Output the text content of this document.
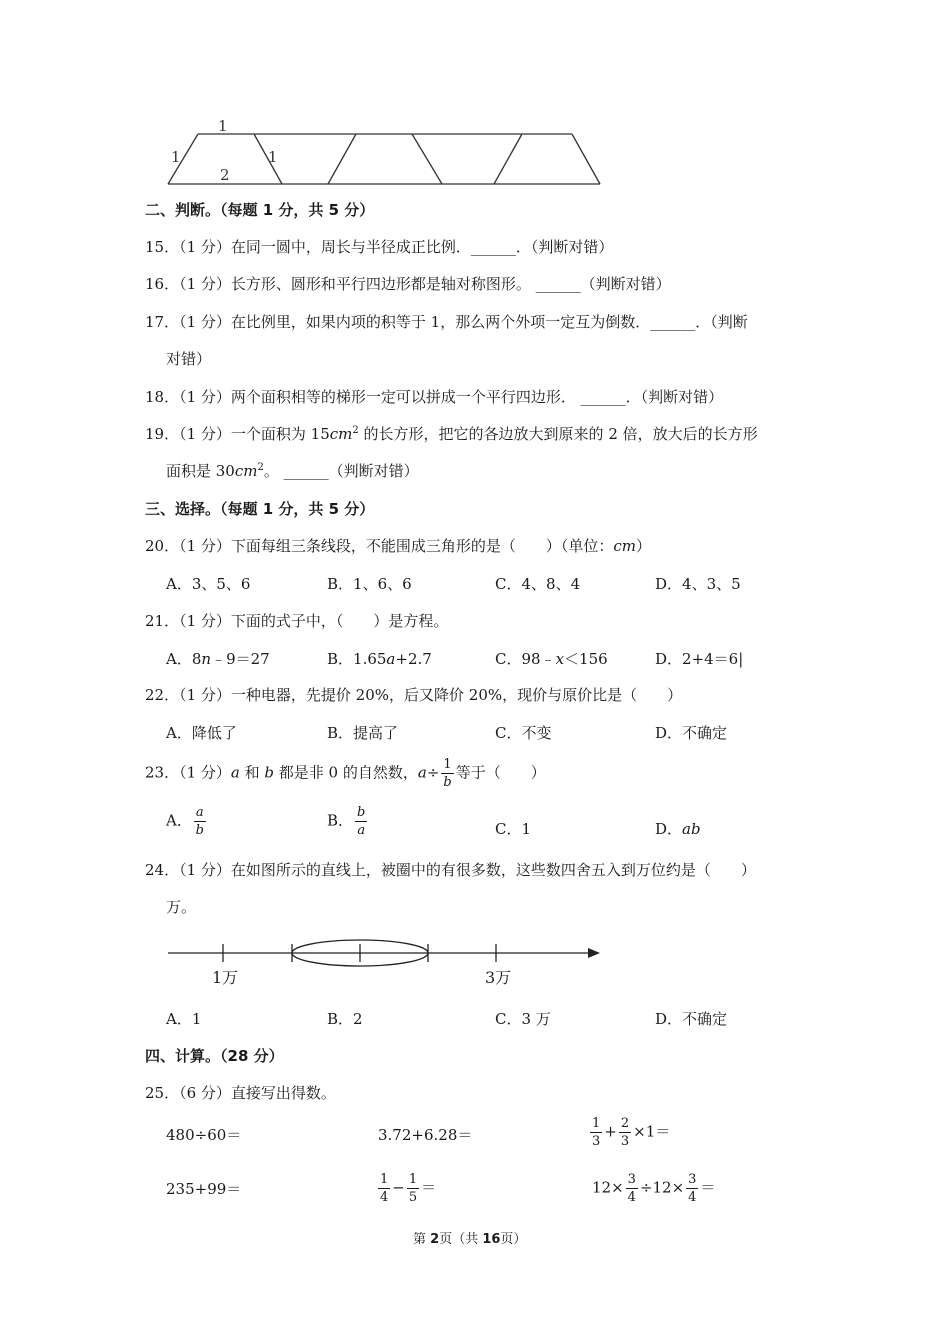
1
1	1
2
二、判断。（每题 1 分，共 5 分）
15．（1 分）在同一圆中，周长与半径成正比例．______．（判断对错）
16．（1 分）长方形、圆形和平行四边形都是轴对称图形。 ______（判断对错）
17．（1 分）在比例里，如果内项的积等于 1，那么两个外项一定互为倒数．______．（判断
对错）
18．（1 分）两个面积相等的梯形一定可以拼成一个平行四边形． ______．（判断对错）
19．（1 分）一个面积为 $15cm^2$ 的长方形，把它的各边放大到原来的 2 倍，放大后的长方形
面积是 $30cm^2$。 ______（判断对错）
三、选择。（每题 1 分，共 5 分）
20．（1 分）下面每组三条线段，不能围成三角形的是（　　）（单位：cm）
A．3、5、6	B．1、6、6	C．4、8、4	D．4、3、5
21．（1 分）下面的式子中，（　　）是方程。
A．8n﹣9＝27	B．1.65a+2.7	C．98﹣x＜156	D．2+4＝6|
22．（1 分）一种电器，先提价 20%，后又降价 20%，现价与原价比是（　　）
A．降低了	B．提高了	C．不变	D．不确定
23．（1 分）a 和 b 都是非 0 的自然数，$a\div \frac{1}{b}$ 等于（　　）
A． $\frac{a}{b}$	B． $\frac{b}{a}$	C．1	D．ab
24．（1 分）在如图所示的直线上，被圈中的有很多数，这些数四舍五入到万位约是（　　）
万。
1万	3万
A．1	B．2	C．3 万	D．不确定
四、计算。（28 分）
25．（6 分）直接写出得数。
480÷60＝	3.72+6.28＝	$\frac{1}{3} + \frac{2}{3} \times 1=$
235+99＝	$\frac{1}{4} - \frac{1}{5}$ ＝	$12\times \frac{3}{4} \div 12\times \frac{3}{4}$ ＝
第 2页（共 16页）
